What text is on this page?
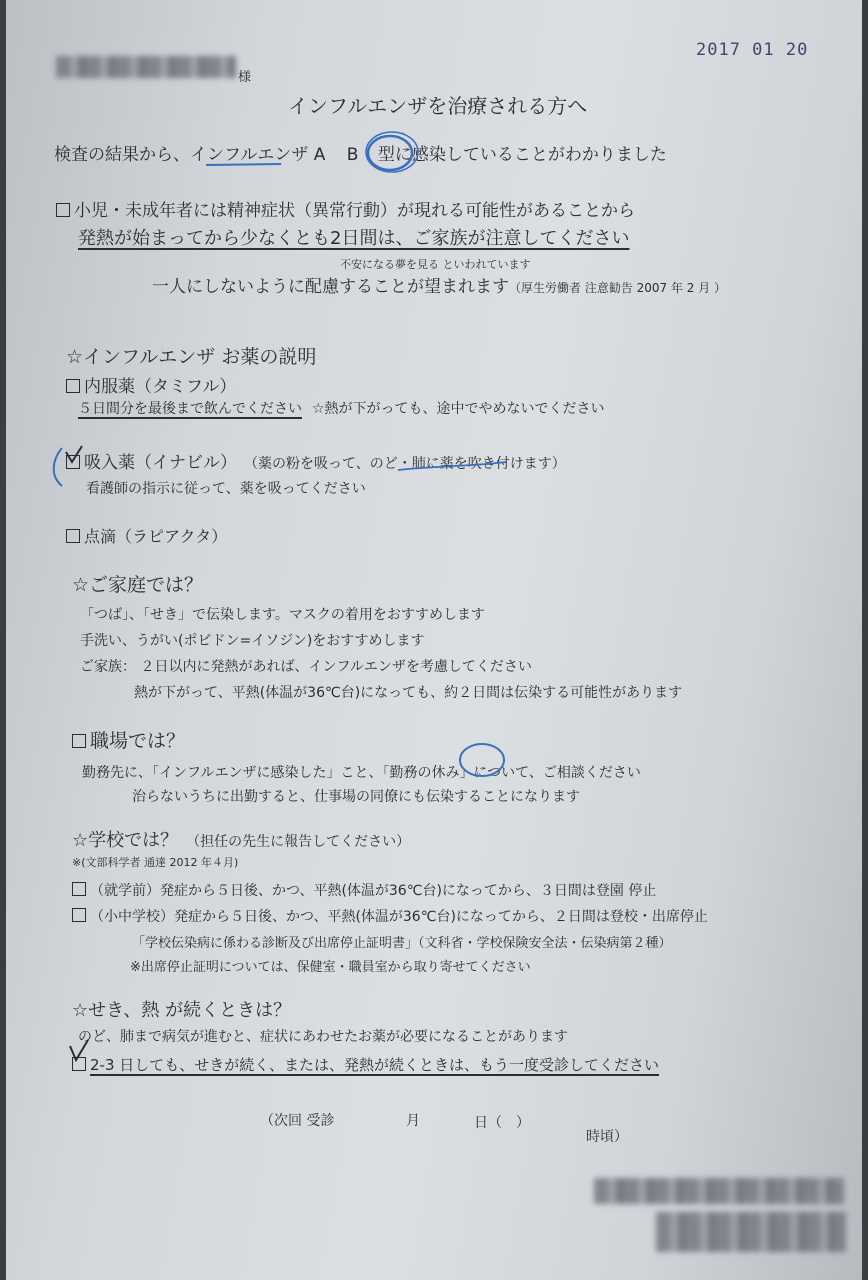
2017 01 20
様
インフルエンザを治療される方へ
検査の結果から、インフルエンザ A B 型に感染していることがわかりました
小児・未成年者には精神症状（異常行動）が現れる可能性があることから
発熱が始まってから少なくとも2日間は、ご家族が注意してください
不安になる夢を見る といわれています
一人にしないように配慮することが望まれます（厚生労働者 注意勧告 2007 年 2 月 ）
☆インフルエンザ お薬の説明
内服薬（タミフル）
５日間分を最後まで飲んでください ☆熱が下がっても、途中でやめないでください
吸入薬（イナビル） （薬の粉を吸って、のど・肺に薬を吹き付けます）
看護師の指示に従って、薬を吸ってください
点滴（ラピアクタ）
☆ご家庭では？
「つば」、「せき」で伝染します。マスクの着用をおすすめします
手洗い、うがい(ポビドン=イソジン)をおすすめします
ご家族： ２日以内に発熱があれば、インフルエンザを考慮してください
熱が下がって、平熱(体温が36℃台)になっても、約２日間は伝染する可能性があります
職場では？
勤務先に、「インフルエンザに感染した」こと、「勤務の休み」について、ご相談ください
治らないうちに出勤すると、仕事場の同僚にも伝染することになります
☆学校では？ （担任の先生に報告してください）
※(文部科学者 通達 2012 年４月)
（就学前）発症から５日後、かつ、平熱(体温が36℃台)になってから、３日間は登園 停止
（小中学校）発症から５日後、かつ、平熱(体温が36℃台)になってから、２日間は登校・出席停止
「学校伝染病に係わる診断及び出席停止証明書」（文科省・学校保険安全法・伝染病第２種）
※出席停止証明については、保健室・職員室から取り寄せてください
☆せき、熱 が続くときは？
のど、肺まで病気が進むと、症状にあわせたお薬が必要になることがあります
2-3 日しても、せきが続く、または、発熱が続くときは、もう一度受診してください
（次回 受診	月	日（　）
時頃）
